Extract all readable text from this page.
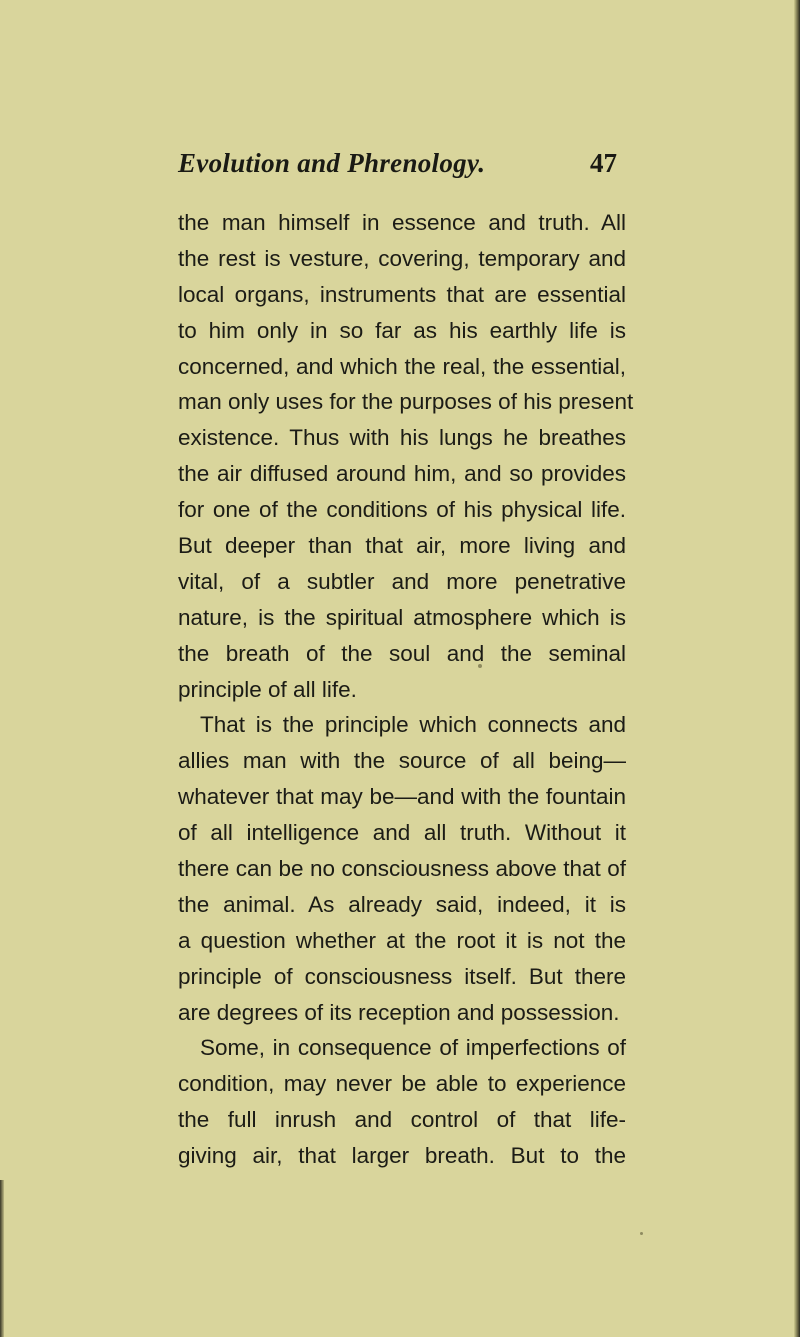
Evolution and Phrenology.	47
the man himself in essence and truth. All
the rest is vesture, covering, temporary and
local organs, instruments that are essential
to him only in so far as his earthly life is
concerned, and which the real, the essential,
man only uses for the purposes of his present
existence. Thus with his lungs he breathes
the air diffused around him, and so provides
for one of the conditions of his physical life.
But deeper than that air, more living and
vital, of a subtler and more penetrative
nature, is the spiritual atmosphere which is
the breath of the soul and the seminal
principle of all life.
That is the principle which connects and
allies man with the source of all being—
whatever that may be—and with the fountain
of all intelligence and all truth. Without it
there can be no consciousness above that of
the animal. As already said, indeed, it is
a question whether at the root it is not the
principle of consciousness itself. But there
are degrees of its reception and possession.
Some, in consequence of imperfections of
condition, may never be able to experience
the full inrush and control of that life-
giving air, that larger breath. But to the
